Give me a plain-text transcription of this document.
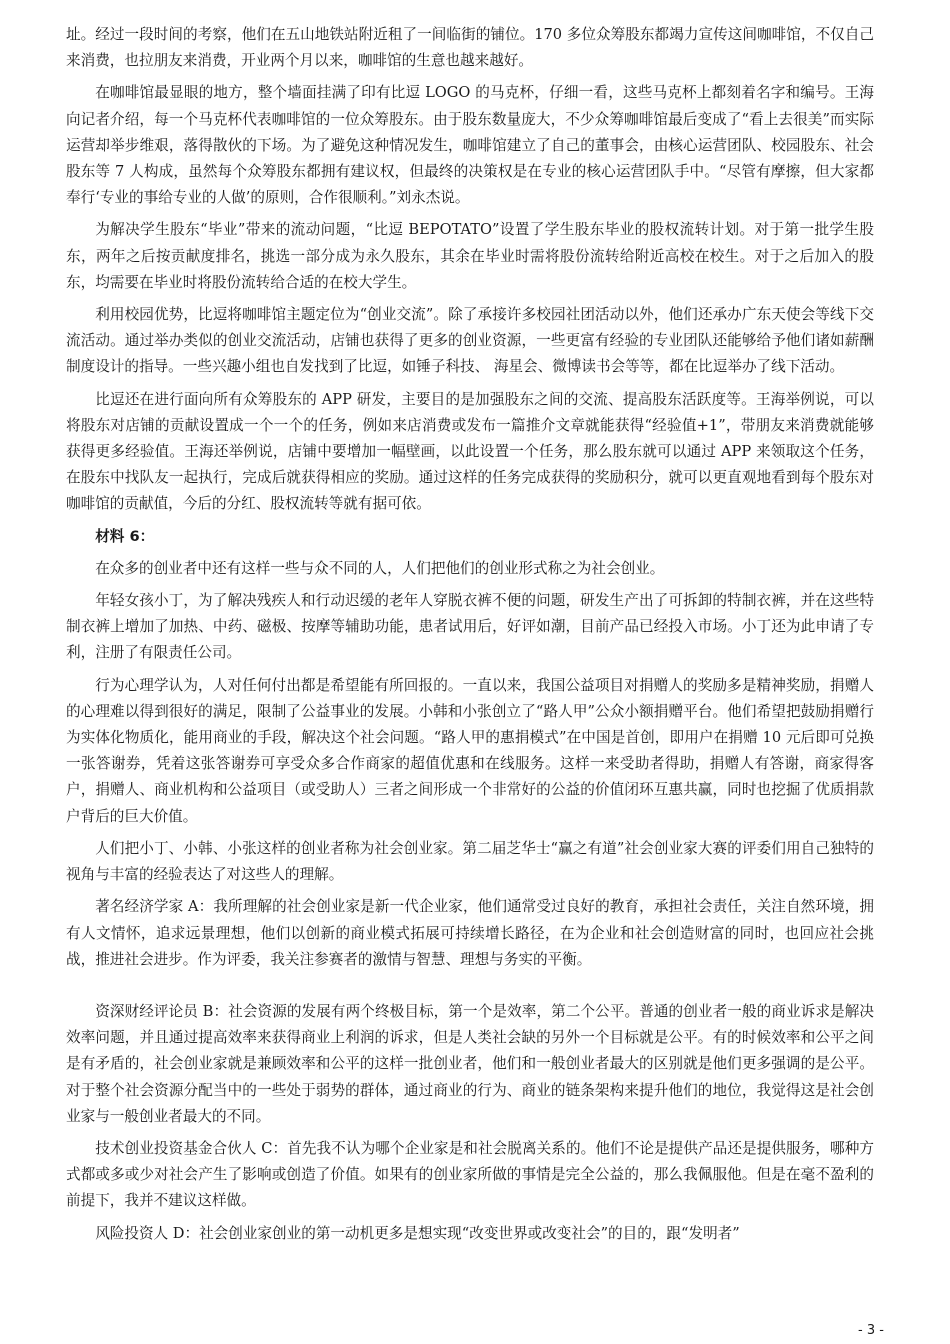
址。经过一段时间的考察，他们在五山地铁站附近租了一间临街的铺位。170 多位众筹股东都竭力宣传这间咖啡馆，不仅自己来消费，也拉朋友来消费，开业两个月以来，咖啡馆的生意也越来越好。

在咖啡馆最显眼的地方，整个墙面挂满了印有比逗 LOGO 的马克杯，仔细一看，这些马克杯上都刻着名字和编号。王海向记者介绍，每一个马克杯代表咖啡馆的一位众筹股东。由于股东数量庞大，不少众筹咖啡馆最后变成了“看上去很美”而实际运营却举步维艰，落得散伙的下场。为了避免这种情况发生，咖啡馆建立了自己的董事会，由核心运营团队、校园股东、社会股东等 7 人构成，虽然每个众筹股东都拥有建议权，但最终的决策权是在专业的核心运营团队手中。“尽管有摩擦，但大家都奉行‘专业的事给专业的人做’的原则，合作很顺利。”刘永杰说。

为解决学生股东“毕业”带来的流动问题，“比逗 BEPOTATO”设置了学生股东毕业的股权流转计划。对于第一批学生股东，两年之后按贡献度排名，挑选一部分成为永久股东，其余在毕业时需将股份流转给附近高校在校生。对于之后加入的股东，均需要在毕业时将股份流转给合适的在校大学生。

利用校园优势，比逗将咖啡馆主题定位为“创业交流”。除了承接许多校园社团活动以外，他们还承办广东天使会等线下交流活动。通过举办类似的创业交流活动，店铺也获得了更多的创业资源，一些更富有经验的专业团队还能够给予他们诸如薪酬制度设计的指导。一些兴趣小组也自发找到了比逗，如锤子科技、 海星会、微博读书会等等，都在比逗举办了线下活动。

比逗还在进行面向所有众筹股东的 APP 研发，主要目的是加强股东之间的交流、提高股东活跃度等。王海举例说，可以将股东对店铺的贡献设置成一个一个的任务，例如来店消费或发布一篇推介文章就能获得“经验值+1”，带朋友来消费就能够获得更多经验值。王海还举例说，店铺中要增加一幅壁画，以此设置一个任务，那么股东就可以通过 APP 来领取这个任务，在股东中找队友一起执行，完成后就获得相应的奖励。通过这样的任务完成获得的奖励积分，就可以更直观地看到每个股东对咖啡馆的贡献值，今后的分红、股权流转等就有据可依。

材料 6：

在众多的创业者中还有这样一些与众不同的人，人们把他们的创业形式称之为社会创业。

年轻女孩小丁，为了解决残疾人和行动迟缓的老年人穿脱衣裤不便的问题，研发生产出了可拆卸的特制衣裤，并在这些特制衣裤上增加了加热、中药、磁极、按摩等辅助功能，患者试用后，好评如潮，目前产品已经投入市场。小丁还为此申请了专利，注册了有限责任公司。

行为心理学认为，人对任何付出都是希望能有所回报的。一直以来，我国公益项目对捐赠人的奖励多是精神奖励，捐赠人的心理难以得到很好的满足，限制了公益事业的发展。小韩和小张创立了“路人甲”公众小额捐赠平台。他们希望把鼓励捐赠行为实体化物质化，能用商业的手段，解决这个社会问题。“路人甲的惠捐模式”在中国是首创，即用户在捐赠 10 元后即可兑换一张答谢券，凭着这张答谢券可享受众多合作商家的超值优惠和在线服务。这样一来受助者得助，捐赠人有答谢，商家得客户，捐赠人、商业机构和公益项目（或受助人）三者之间形成一个非常好的公益的价值闭环互惠共赢，同时也挖掘了优质捐款户背后的巨大价值。

人们把小丁、小韩、小张这样的创业者称为社会创业家。第二届芝华士“赢之有道”社会创业家大赛的评委们用自己独特的视角与丰富的经验表达了对这些人的理解。

著名经济学家 A：我所理解的社会创业家是新一代企业家，他们通常受过良好的教育，承担社会责任，关注自然环境，拥有人文情怀，追求远景理想，他们以创新的商业模式拓展可持续增长路径，在为企业和社会创造财富的同时，也回应社会挑战，推进社会进步。作为评委，我关注参赛者的激情与智慧、理想与务实的平衡。

资深财经评论员 B：社会资源的发展有两个终极目标，第一个是效率，第二个公平。普通的创业者一般的商业诉求是解决效率问题，并且通过提高效率来获得商业上利润的诉求，但是人类社会缺的另外一个目标就是公平。有的时候效率和公平之间是有矛盾的，社会创业家就是兼顾效率和公平的这样一批创业者，他们和一般创业者最大的区别就是他们更多强调的是公平。对于整个社会资源分配当中的一些处于弱势的群体，通过商业的行为、商业的链条架构来提升他们的地位，我觉得这是社会创业家与一般创业者最大的不同。

技术创业投资基金合伙人 C：首先我不认为哪个企业家是和社会脱离关系的。他们不论是提供产品还是提供服务，哪种方式都或多或少对社会产生了影响或创造了价值。如果有的创业家所做的事情是完全公益的，那么我佩服他。但是在毫不盈利的前提下，我并不建议这样做。

风险投资人 D：社会创业家创业的第一动机更多是想实现“改变世界或改变社会”的目的，跟“发明者”

- 3 -
